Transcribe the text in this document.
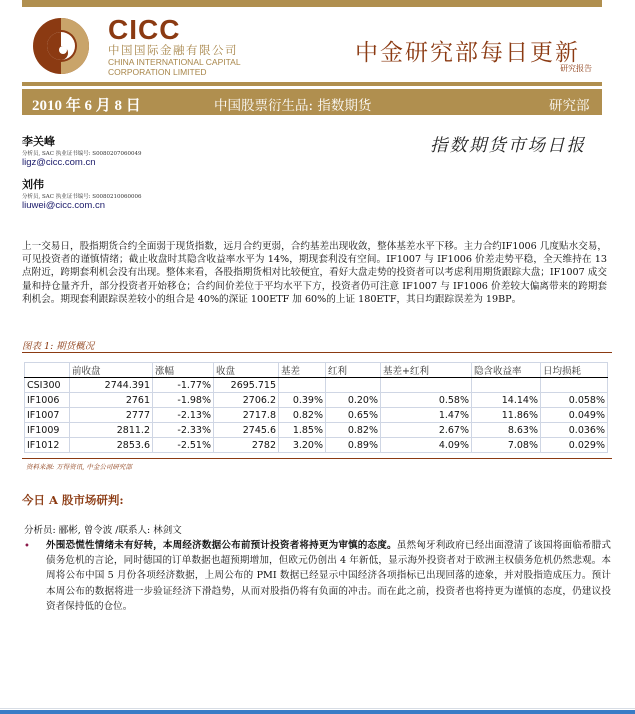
CICC
中国国际金融有限公司
CHINA INTERNATIONAL CAPITAL
CORPORATION LIMITED
中金研究部每日更新
研究报告
2010 年 6 月 8 日	中国股票衍生品: 指数期货	研究部
李关峰
分析员, SAC 执业证书编号: S0080207060049
ligz@cicc.com.cn
刘伟
分析员, SAC 执业证书编号: S0080210060006
liuwei@cicc.com.cn
指数期货市场日报
上一交易日，股指期货合约全面弱于现货指数，远月合约更弱，合约基差出现收敛，整体基差水平下移。主力合约IF1006 几度贴水交易，可见投资者的谨慎情绪；截止收盘时其隐含收益率水平为 14%，期现套利没有空间。IF1007 与 IF1006 价差走势平稳，全天维持在 13 点附近，跨期套利机会没有出现。整体来看，各股指期货相对比较便宜，看好大盘走势的投资者可以考虑利用期货跟踪大盘；IF1007 成交量和持仓量齐升，部分投资者开始移仓；合约间价差位于平均水平下方，投资者仍可注意 IF1007 与 IF1006 价差较大偏离带来的跨期套利机会。期现套利跟踪误差较小的组合是 40%的深证 100ETF 加 60%的上证 180ETF，其日均跟踪误差为 19BP。
图表 1: 期货概况
	前收盘	涨幅	收盘	基差	红利	基差+红利	隐含收益率	日均损耗
CSI300	2744.391	-1.77%	2695.715					
IF1006	2761	-1.98%	2706.2	0.39%	0.20%	0.58%	14.14%	0.058%
IF1007	2777	-2.13%	2717.8	0.82%	0.65%	1.47%	11.86%	0.049%
IF1009	2811.2	-2.33%	2745.6	1.85%	0.82%	2.67%	8.63%	0.036%
IF1012	2853.6	-2.51%	2782	3.20%	0.89%	4.09%	7.08%	0.029%
资料来源: 万得资讯, 中金公司研究部
今日 A 股市场研判:
分析员: 郦彬, 曾令波 /联系人: 林剑文
• 外围恐慌性情绪未有好转，本周经济数据公布前预计投资者将持更为审慎的态度。虽然匈牙利政府已经出面澄清了该国将面临希腊式债务危机的言论，同时德国的订单数据也超预期增加，但欧元仍创出 4 年新低，显示海外投资者对于欧洲主权债务危机仍然悲观。本周将公布中国 5 月份各项经济数据，上周公布的 PMI 数据已经显示中国经济各项指标已出现回落的迹象，并对股指造成压力。预计本周公布的数据将进一步验证经济下滑趋势，从而对股指仍将有负面的冲击。而在此之前，投资者也将持更为谨慎的态度，仍建议投资者保持低的仓位。
